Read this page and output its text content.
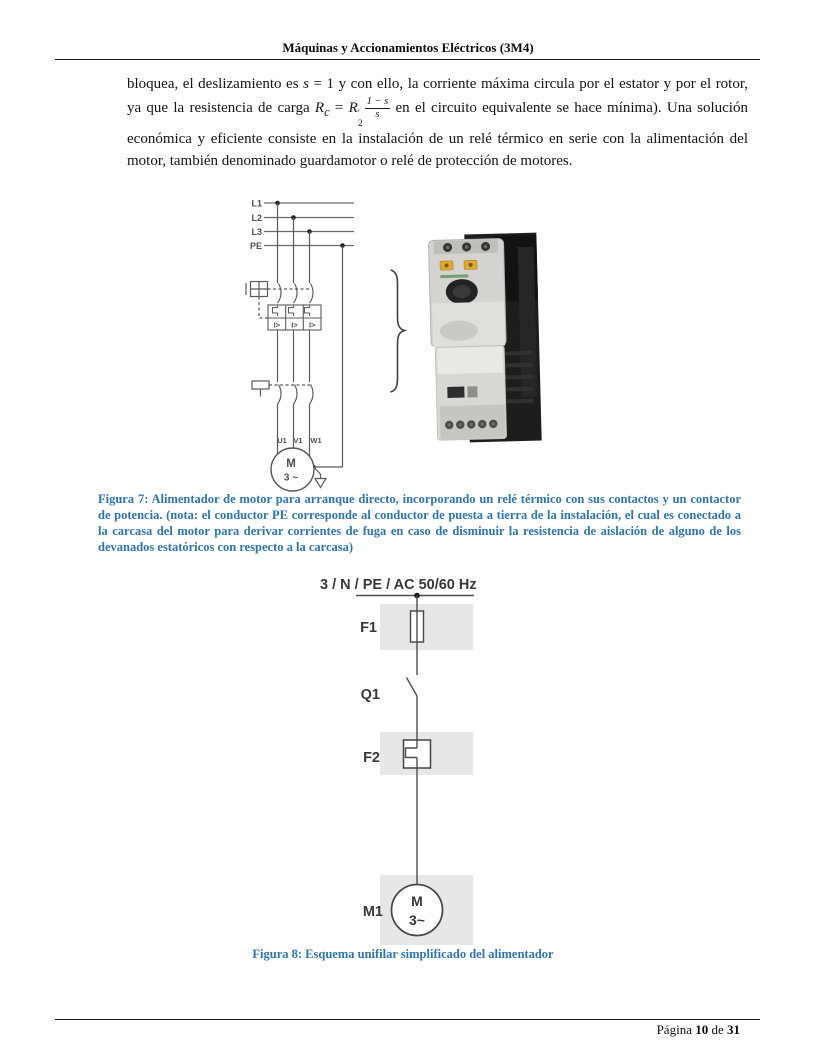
Máquinas y Accionamientos Eléctricos (3M4)

bloquea, el deslizamiento es s = 1 y con ello, la corriente máxima circula por el estator y por el rotor, ya que la resistencia de carga $R_c = R$ ′
2
$\frac{1 - s}{s}$ en el circuito equivalente se hace mínima). Una solución económica y eficiente consiste en la instalación de un relé térmico en serie con la alimentación del motor, también denominado guardamotor o relé de protección de motores.

L1
L2
L3
PE
I> I> I>
U1 V1 W1
M
3 ~
Figura 7: Alimentador de motor para arranque directo, incorporando un relé térmico con sus contactos y un contactor de potencia. (nota: el conductor PE corresponde al conductor de puesta a tierra de la instalación, el cual es conectado a la carcasa del motor para derivar corrientes de fuga en caso de disminuir la resistencia de aislación de alguno de los devanados estatóricos con respecto a la carcasa)
3 / N / PE / AC 50/60 Hz
F1
Q1
F2
M1
M
3~
Figura 8: Esquema unifilar simplificado del alimentador
Página 10 de 31
